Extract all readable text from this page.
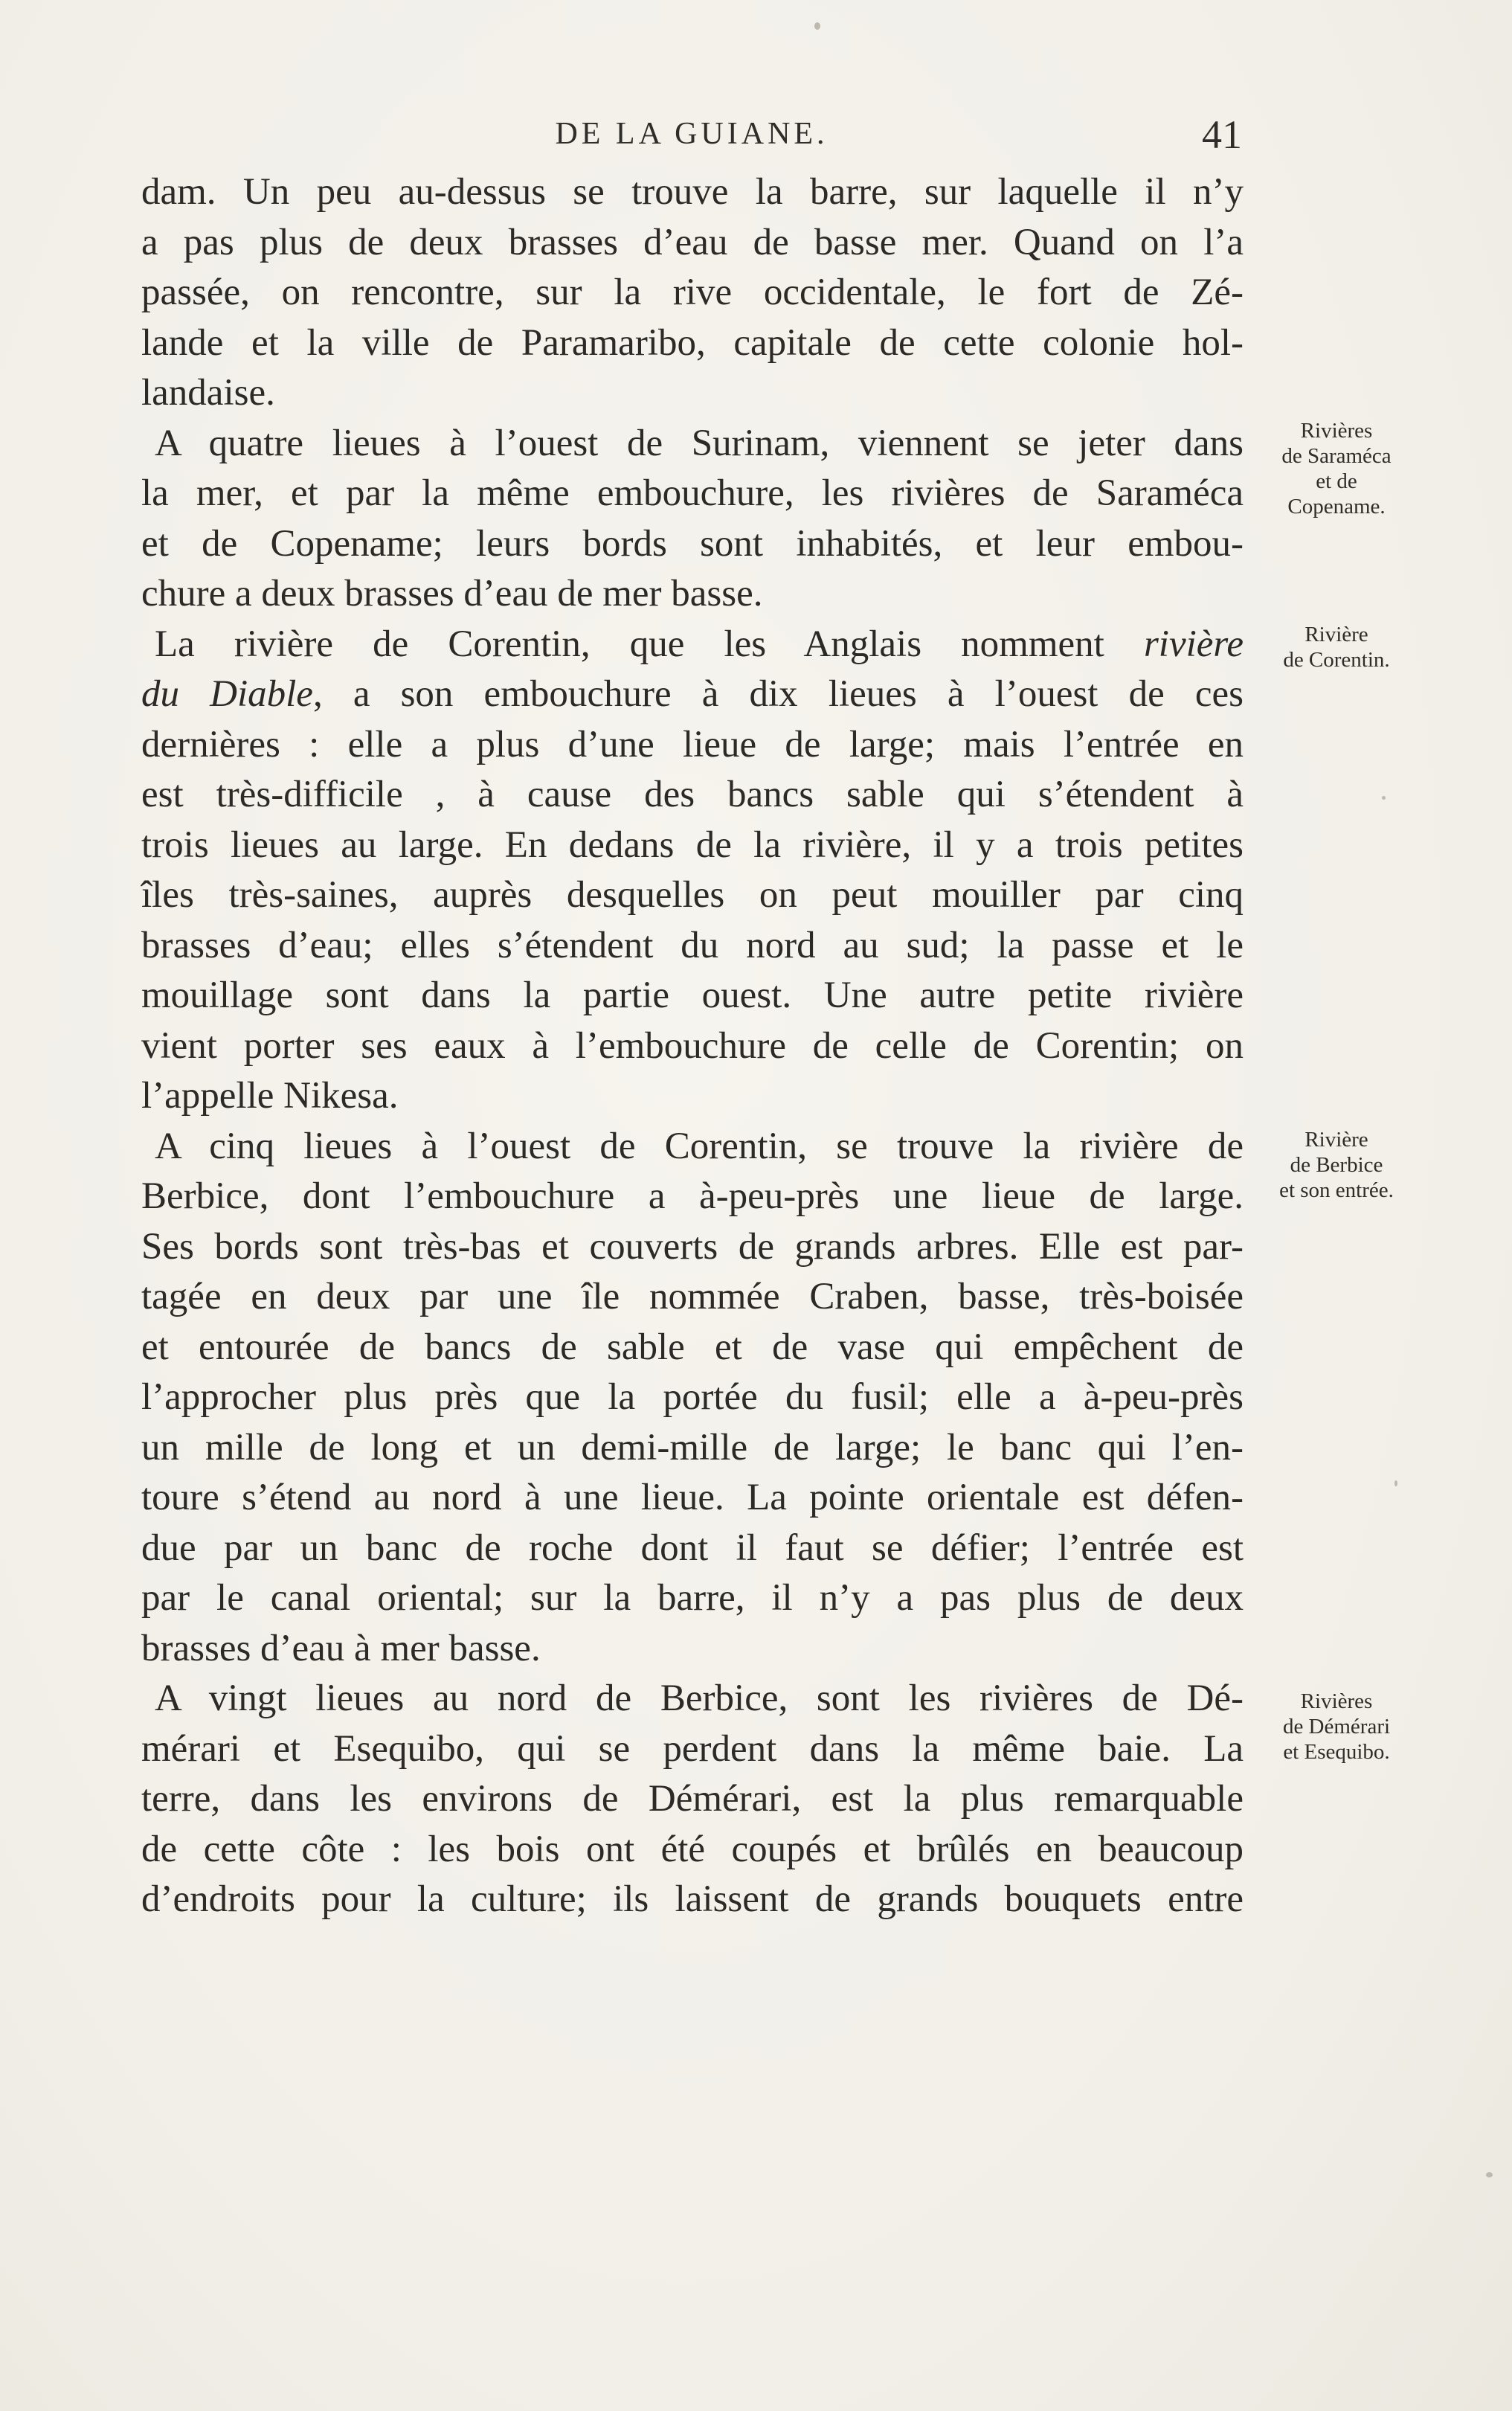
DE LA GUIANE.	41
dam. Un peu au-dessus se trouve la barre, sur laquelle il n’y
a pas plus de deux brasses d’eau de basse mer. Quand on l’a
passée, on rencontre, sur la rive occidentale, le fort de Zé-
lande et la ville de Paramaribo, capitale de cette colonie hol-
landaise.
A quatre lieues à l’ouest de Surinam, viennent se jeter dans
la mer, et par la même embouchure, les rivières de Saraméca
et de Copename; leurs bords sont inhabités, et leur embou-
chure a deux brasses d’eau de mer basse.
La rivière de Corentin, que les Anglais nomment rivière
du Diable, a son embouchure à dix lieues à l’ouest de ces
dernières : elle a plus d’une lieue de large; mais l’entrée en
est très-difficile , à cause des bancs sable qui s’étendent à
trois lieues au large. En dedans de la rivière, il y a trois petites
îles très-saines, auprès desquelles on peut mouiller par cinq
brasses d’eau; elles s’étendent du nord au sud; la passe et le
mouillage sont dans la partie ouest. Une autre petite rivière
vient porter ses eaux à l’embouchure de celle de Corentin; on
l’appelle Nikesa.
A cinq lieues à l’ouest de Corentin, se trouve la rivière de
Berbice, dont l’embouchure a à-peu-près une lieue de large.
Ses bords sont très-bas et couverts de grands arbres. Elle est par-
tagée en deux par une île nommée Craben, basse, très-boisée
et entourée de bancs de sable et de vase qui empêchent de
l’approcher plus près que la portée du fusil; elle a à-peu-près
un mille de long et un demi-mille de large; le banc qui l’en-
toure s’étend au nord à une lieue. La pointe orientale est défen-
due par un banc de roche dont il faut se défier; l’entrée est
par le canal oriental; sur la barre, il n’y a pas plus de deux
brasses d’eau à mer basse.
A vingt lieues au nord de Berbice, sont les rivières de Dé-
mérari et Esequibo, qui se perdent dans la même baie. La
terre, dans les environs de Démérari, est la plus remarquable
de cette côte : les bois ont été coupés et brûlés en beaucoup
d’endroits pour la culture; ils laissent de grands bouquets entre
Rivières
de Saraméca
et de
Copename.
Rivière
de Corentin.
Rivière
de Berbice
et son entrée.
Rivières
de Démérari
et Esequibo.
